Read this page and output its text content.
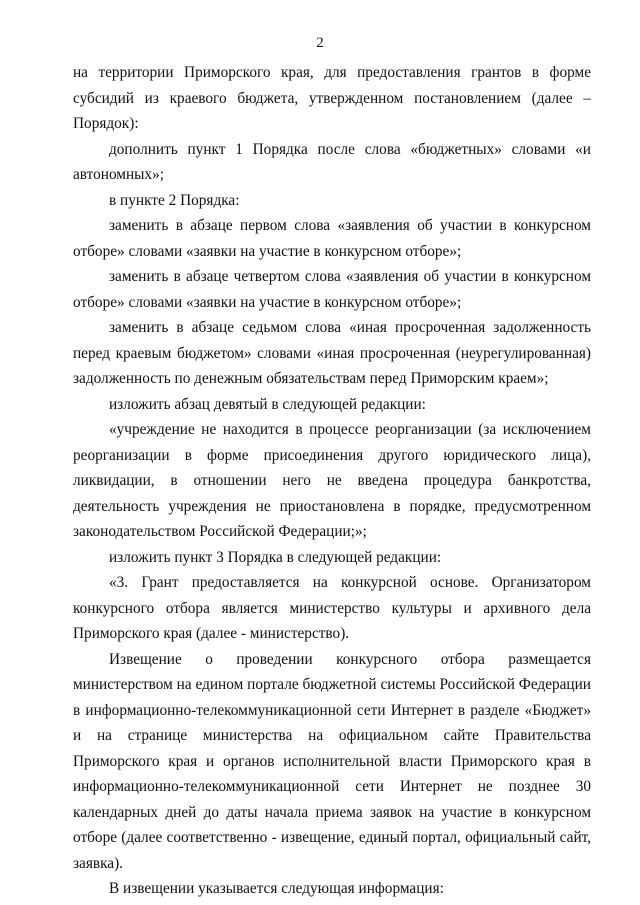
2

на территории Приморского края, для предоставления грантов в форме субсидий из краевого бюджета, утвержденном постановлением (далее – Порядок):

дополнить пункт 1 Порядка после слова «бюджетных» словами «и автономных»;

в пункте 2 Порядка:

заменить в абзаце первом слова «заявления об участии в конкурсном отборе» словами «заявки на участие в конкурсном отборе»;

заменить в абзаце четвертом слова «заявления об участии в конкурсном отборе» словами «заявки на участие в конкурсном отборе»;

заменить в абзаце седьмом слова «иная просроченная задолженность перед краевым бюджетом» словами «иная просроченная (неурегулированная) задолженность по денежным обязательствам перед Приморским краем»;

изложить абзац девятый в следующей редакции:

«учреждение не находится в процессе реорганизации (за исключением реорганизации в форме присоединения другого юридического лица), ликвидации, в отношении него не введена процедура банкротства, деятельность учреждения не приостановлена в порядке, предусмотренном законодательством Российской Федерации;»;

изложить пункт 3 Порядка в следующей редакции:

«3. Грант предоставляется на конкурсной основе. Организатором конкурсного отбора является министерство культуры и архивного дела Приморского края (далее - министерство).

Извещение о проведении конкурсного отбора размещается министерством на едином портале бюджетной системы Российской Федерации в информационно-телекоммуникационной сети Интернет в разделе «Бюджет» и на странице министерства на официальном сайте Правительства Приморского края и органов исполнительной власти Приморского края в информационно-телекоммуникационной сети Интернет не позднее 30 календарных дней до даты начала приема заявок на участие в конкурсном отборе (далее соответственно - извещение, единый портал, официальный сайт, заявка).

В извещении указывается следующая информация:
